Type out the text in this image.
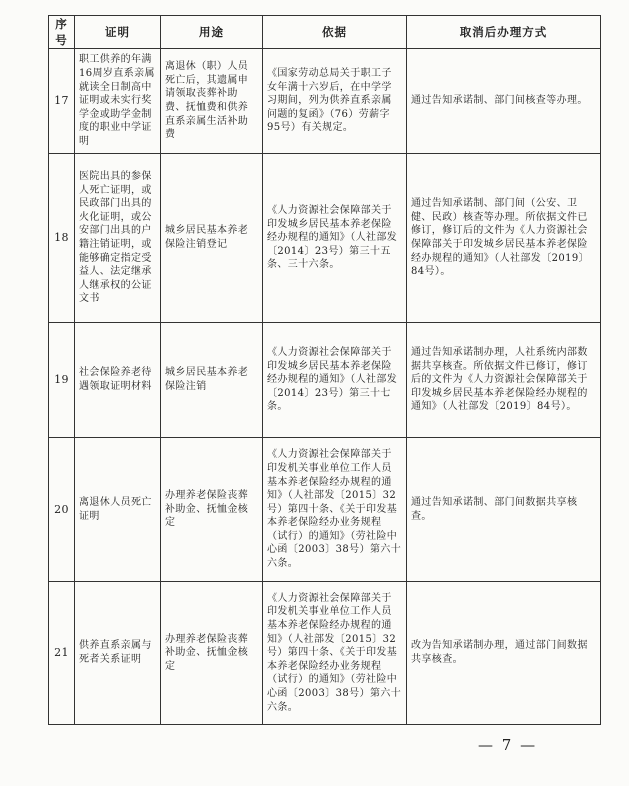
序号	证明	用途	依据	取消后办理方式
17	职工供养的年满16周岁直系亲属就读全日制高中证明或未实行奖学金或助学金制度的职业中学证明	离退休（职）人员死亡后，其遗属申请领取丧葬补助费、抚恤费和供养直系亲属生活补助费	《国家劳动总局关于职工子女年满十六岁后，在中学学习期间，列为供养直系亲属问题的复函》（76）劳薪字95号）有关规定。	通过告知承诺制、部门间核查等办理。
18	医院出具的参保人死亡证明，或民政部门出具的火化证明，或公安部门出具的户籍注销证明，或能够确定指定受益人、法定继承人继承权的公证文书	城乡居民基本养老保险注销登记	《人力资源社会保障部关于印发城乡居民基本养老保险经办规程的通知》（人社部发〔2014〕23号）第三十五条、三十六条。	通过告知承诺制、部门间（公安、卫健、民政）核查等办理。所依据文件已修订，修订后的文件为《人力资源社会保障部关于印发城乡居民基本养老保险经办规程的通知》（人社部发〔2019〕84号）。
19	社会保险养老待遇领取证明材料	城乡居民基本养老保险注销	《人力资源社会保障部关于印发城乡居民基本养老保险经办规程的通知》（人社部发〔2014〕23号）第三十七条。	通过告知承诺制办理，人社系统内部数据共享核查。所依据文件已修订，修订后的文件为《人力资源社会保障部关于印发城乡居民基本养老保险经办规程的通知》（人社部发〔2019〕84号）。
20	离退休人员死亡证明	办理养老保险丧葬补助金、抚恤金核定	《人力资源社会保障部关于印发机关事业单位工作人员基本养老保险经办规程的通知》（人社部发〔2015〕32号）第四十条、《关于印发基本养老保险经办业务规程（试行）的通知》（劳社险中心函〔2003〕38号）第六十六条。	通过告知承诺制、部门间数据共享核查。
21	供养直系亲属与死者关系证明	办理养老保险丧葬补助金、抚恤金核定	《人力资源社会保障部关于印发机关事业单位工作人员基本养老保险经办规程的通知》（人社部发〔2015〕32号）第四十条、《关于印发基本养老保险经办业务规程（试行）的通知》（劳社险中心函〔2003〕38号）第六十六条。	改为告知承诺制办理，通过部门间数据共享核查。
— 7 —
